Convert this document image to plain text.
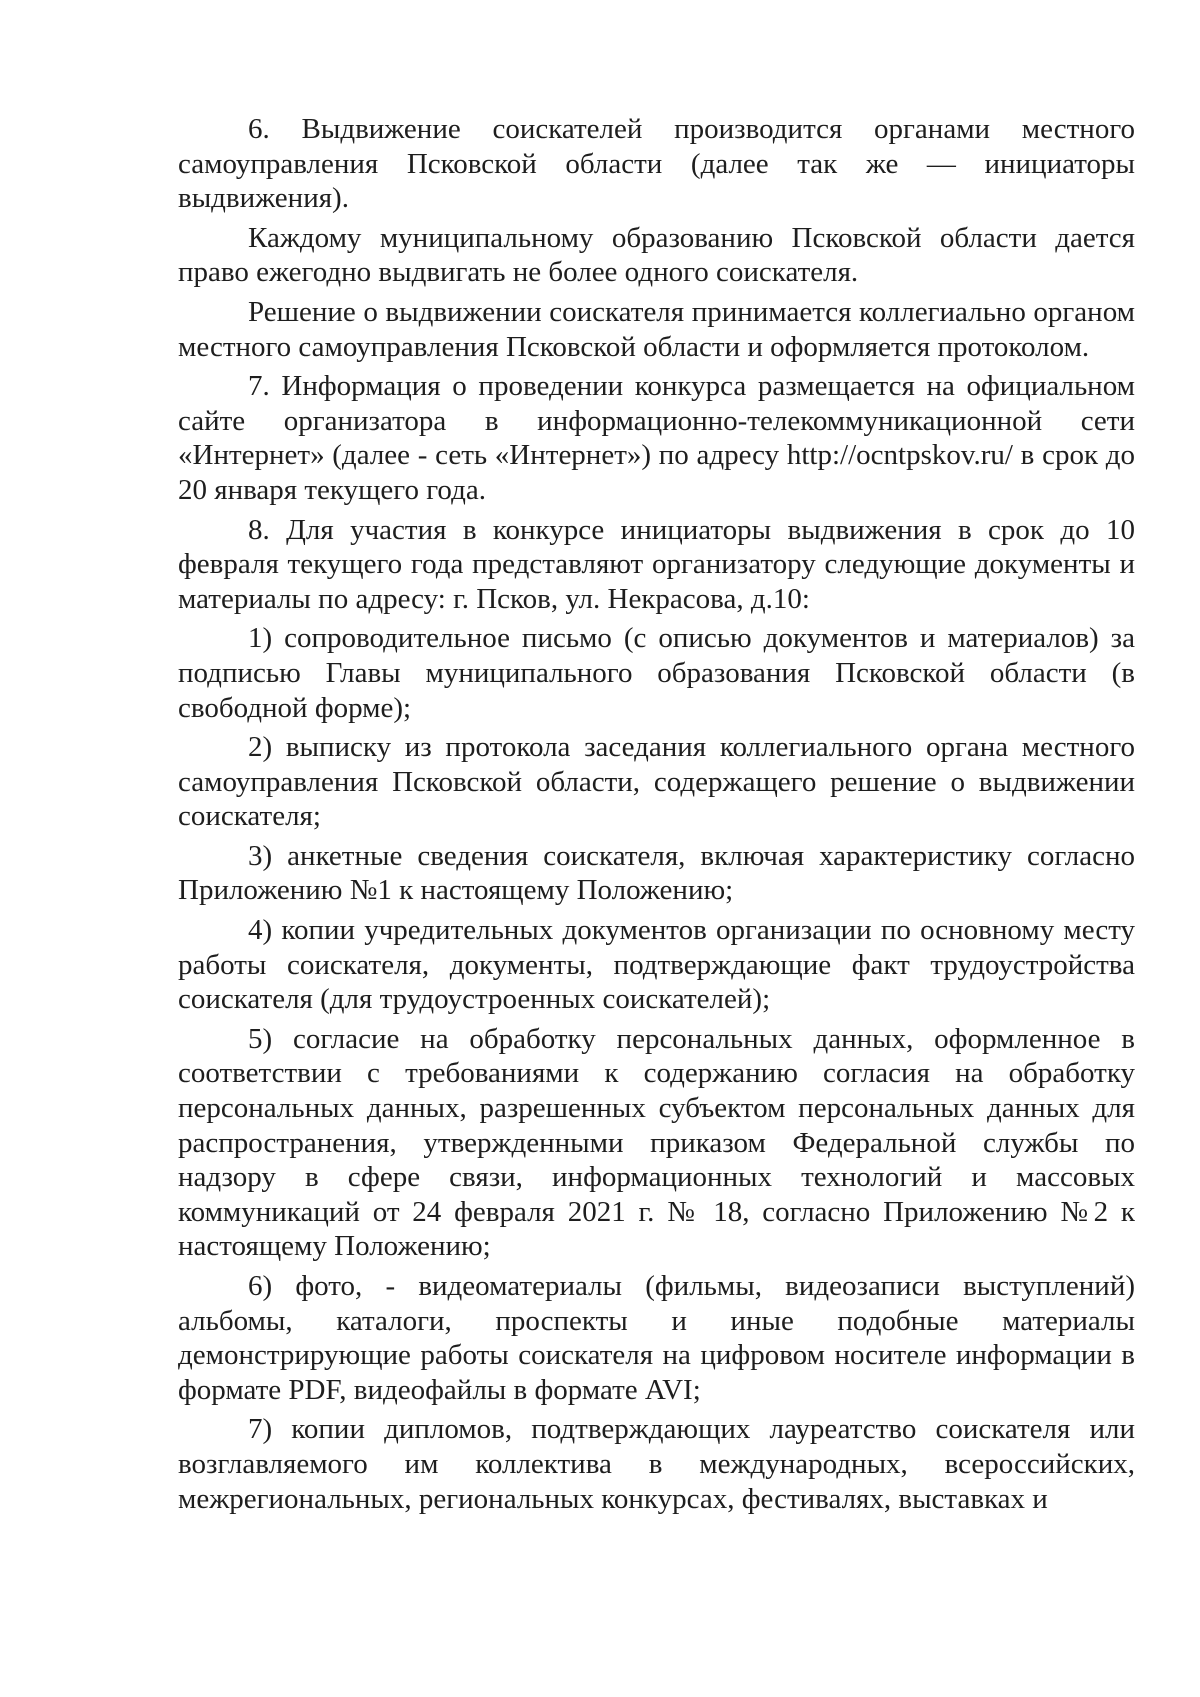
6. Выдвижение соискателей производится органами местного самоуправления Псковской области (далее так же — инициаторы выдвижения).

Каждому муниципальному образованию Псковской области дается право ежегодно выдвигать не более одного соискателя.

Решение о выдвижении соискателя принимается коллегиально органом местного самоуправления Псковской области и оформляется протоколом.

7. Информация о проведении конкурса размещается на официальном сайте организатора в информационно-телекоммуникационной сети «Интернет» (далее - сеть «Интернет») по адресу http://ocntpskov.ru/ в срок до 20 января текущего года.

8. Для участия в конкурсе инициаторы выдвижения в срок до 10 февраля текущего года представляют организатору следующие документы и материалы по адресу: г. Псков, ул. Некрасова, д.10:

1) сопроводительное письмо (с описью документов и материалов) за подписью Главы муниципального образования Псковской области (в свободной форме);

2) выписку из протокола заседания коллегиального органа местного самоуправления Псковской области, содержащего решение о выдвижении соискателя;

3) анкетные сведения соискателя, включая характеристику согласно Приложению №1 к настоящему Положению;

4) копии учредительных документов организации по основному месту работы соискателя, документы, подтверждающие факт трудоустройства соискателя (для трудоустроенных соискателей);

5) согласие на обработку персональных данных, оформленное в соответствии с требованиями к содержанию согласия на обработку персональных данных, разрешенных субъектом персональных данных для распространения, утвержденными приказом Федеральной службы по надзору в сфере связи, информационных технологий и массовых коммуникаций от 24 февраля 2021 г. № 18, согласно Приложению №2 к настоящему Положению;

6) фото, - видеоматериалы (фильмы, видеозаписи выступлений) альбомы, каталоги, проспекты и иные подобные материалы демонстрирующие работы соискателя на цифровом носителе информации в формате PDF, видеофайлы в формате AVI;

7) копии дипломов, подтверждающих лауреатство соискателя или возглавляемого им коллектива в международных, всероссийских, межрегиональных, региональных конкурсах, фестивалях, выставках и
